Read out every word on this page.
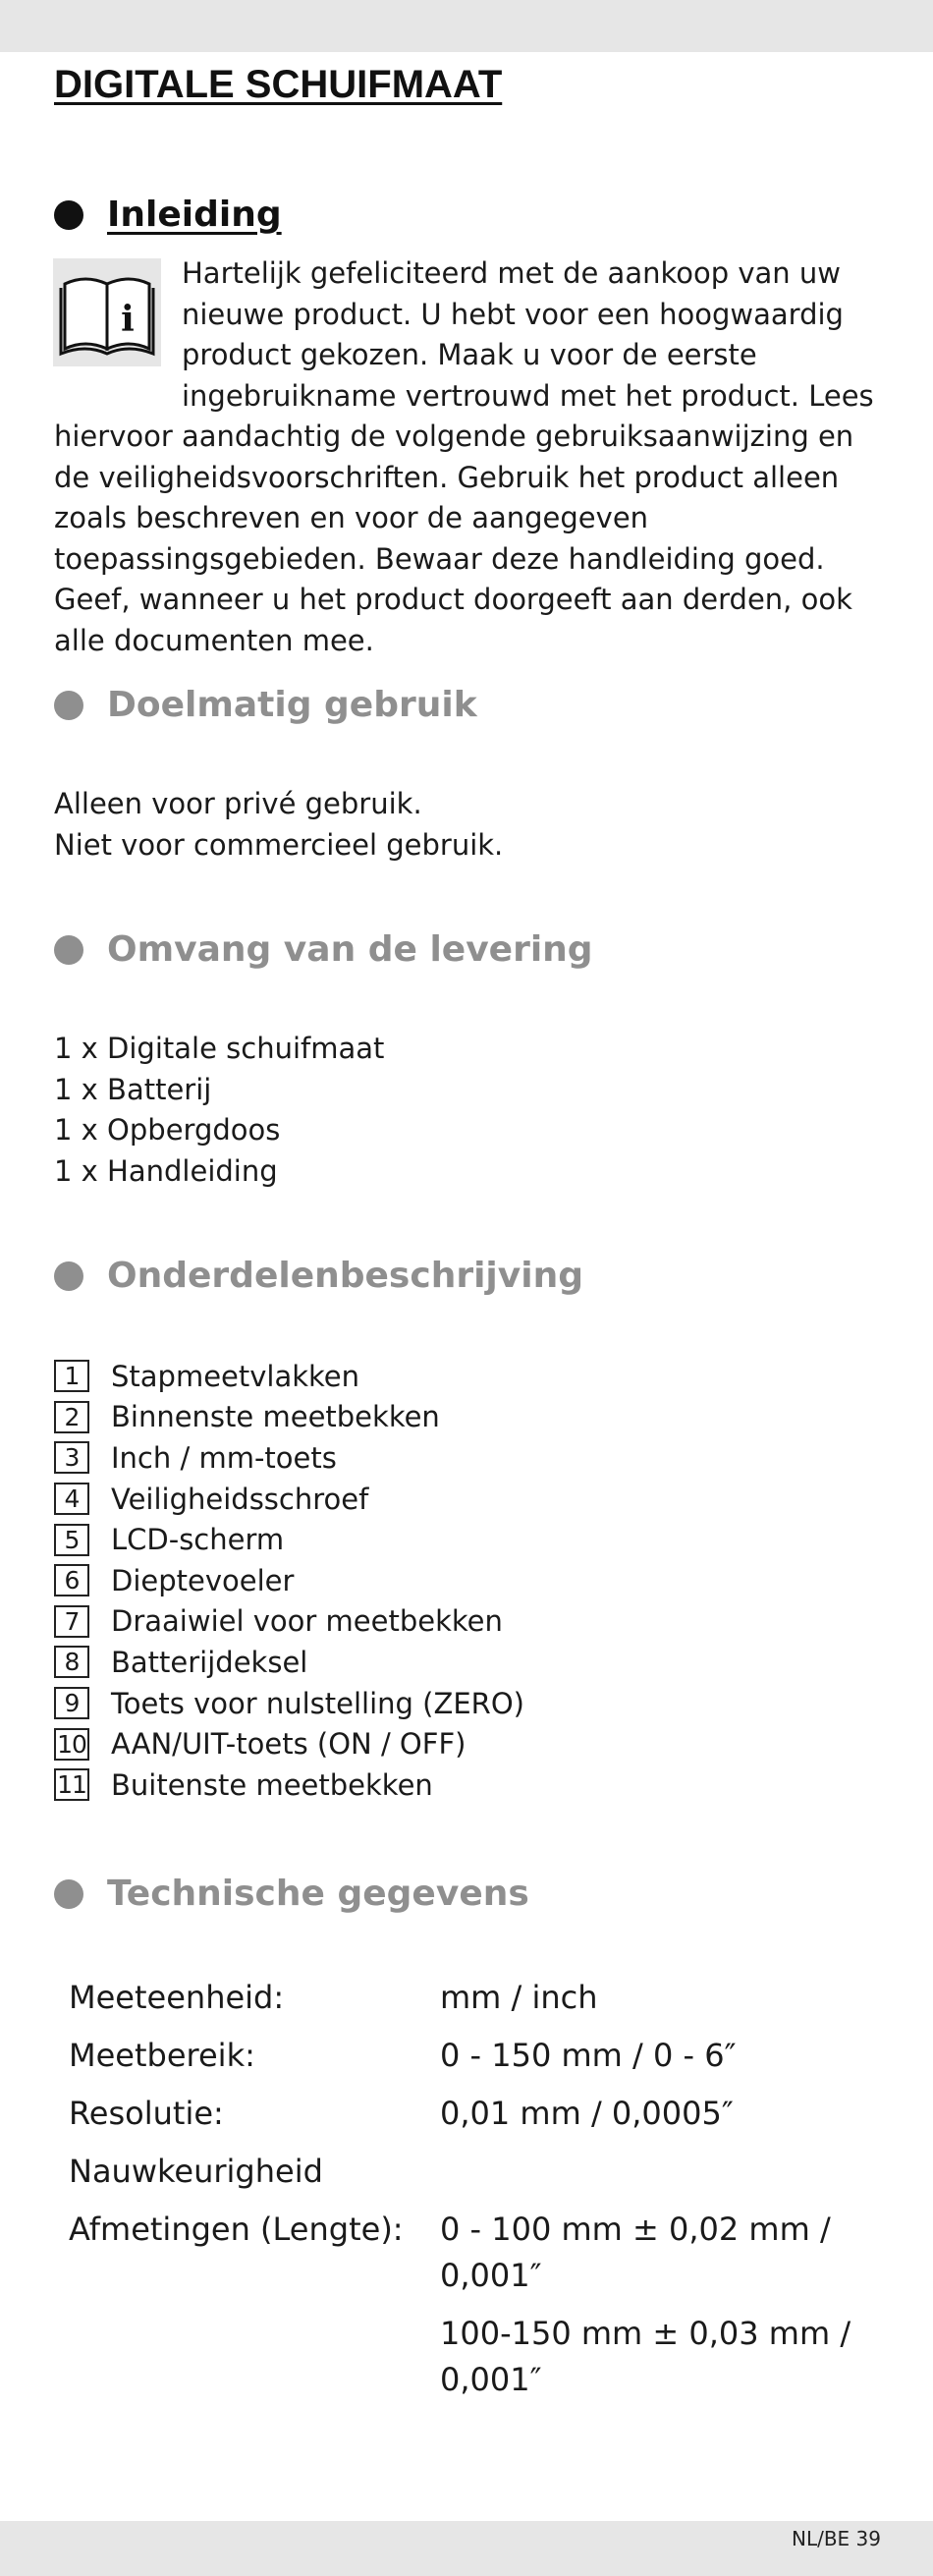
DIGITALE SCHUIFMAAT
Inleiding
i

Hartelijk gefeliciteerd met de aankoop van uw nieuwe product. U hebt voor een hoogwaardig product gekozen. Maak u voor de eerste ingebruikname vertrouwd met het product. Lees hiervoor aandachtig de volgende gebruiksaanwijzing en de veiligheidsvoorschriften. Gebruik het product alleen zoals beschreven en voor de aangegeven toepassingsgebieden. Bewaar deze handleiding goed. Geef, wanneer u het product doorgeeft aan derden, ook alle documenten mee.

Doelmatig gebruik
Alleen voor privé gebruik.
Niet voor commercieel gebruik.
Omvang van de levering
1 x Digitale schuifmaat
1 x Batterij
1 x Opbergdoos
1 x Handleiding
Onderdelenbeschrijving
1	Stapmeetvlakken
2	Binnenste meetbekken
3	Inch / mm-toets
4	Veiligheidsschroef
5	LCD-scherm
6	Dieptevoeler
7	Draaiwiel voor meetbekken
8	Batterijdeksel
9	Toets voor nulstelling (ZERO)
10 AAN/UIT-toets (ON / OFF)
11 Buitenste meetbekken
Technische gegevens
Meeteenheid:	mm / inch
Meetbereik:	0 - 150 mm / 0 - 6″
Resolutie:	0,01 mm / 0,0005″
Nauwkeurigheid
Afmetingen (Lengte):	0 - 100 mm ± 0,02 mm / 0,001″
100-150 mm ± 0,03 mm / 0,001″
NL/BE 39
